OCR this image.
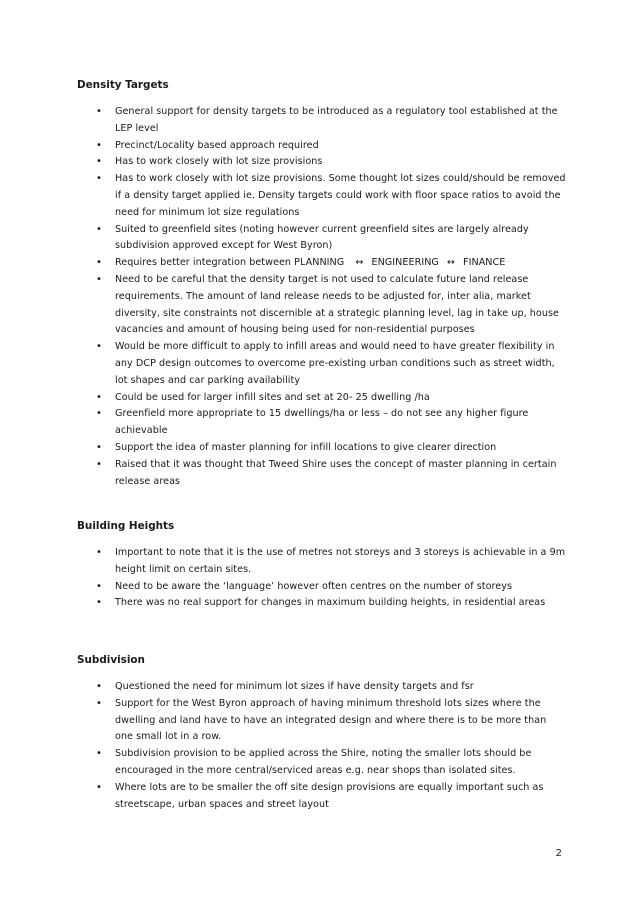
Density Targets
• General support for density targets to be introduced as a regulatory tool established at the LEP level
• Precinct/Locality based approach required
• Has to work closely with lot size provisions
• Has to work closely with lot size provisions. Some thought lot sizes could/should be removed if a density target applied ie. Density targets could work with floor space ratios to avoid the need for minimum lot size regulations
• Suited to greenfield sites (noting however current greenfield sites are largely already subdivision approved except for West Byron)
• Requires better integration between PLANNING ↔ ENGINEERING ↔ FINANCE
• Need to be careful that the density target is not used to calculate future land release requirements. The amount of land release needs to be adjusted for, inter alia, market diversity, site constraints not discernible at a strategic planning level, lag in take up, house vacancies and amount of housing being used for non-residential purposes
• Would be more difficult to apply to infill areas and would need to have greater flexibility in any DCP design outcomes to overcome pre-existing urban conditions such as street width, lot shapes and car parking availability
• Could be used for larger infill sites and set at 20- 25 dwelling /ha
• Greenfield more appropriate to 15 dwellings/ha or less – do not see any higher figure achievable
• Support the idea of master planning for infill locations to give clearer direction
• Raised that it was thought that Tweed Shire uses the concept of master planning in certain release areas
Building Heights
• Important to note that it is the use of metres not storeys and 3 storeys is achievable in a 9m height limit on certain sites.
• Need to be aware the ‘language’ however often centres on the number of storeys
• There was no real support for changes in maximum building heights, in residential areas
Subdivision
• Questioned the need for minimum lot sizes if have density targets and fsr
• Support for the West Byron approach of having minimum threshold lots sizes where the dwelling and land have to have an integrated design and where there is to be more than one small lot in a row.
• Subdivision provision to be applied across the Shire, noting the smaller lots should be encouraged in the more central/serviced areas e.g. near shops than isolated sites.
• Where lots are to be smaller the off site design provisions are equally important such as streetscape, urban spaces and street layout
2
